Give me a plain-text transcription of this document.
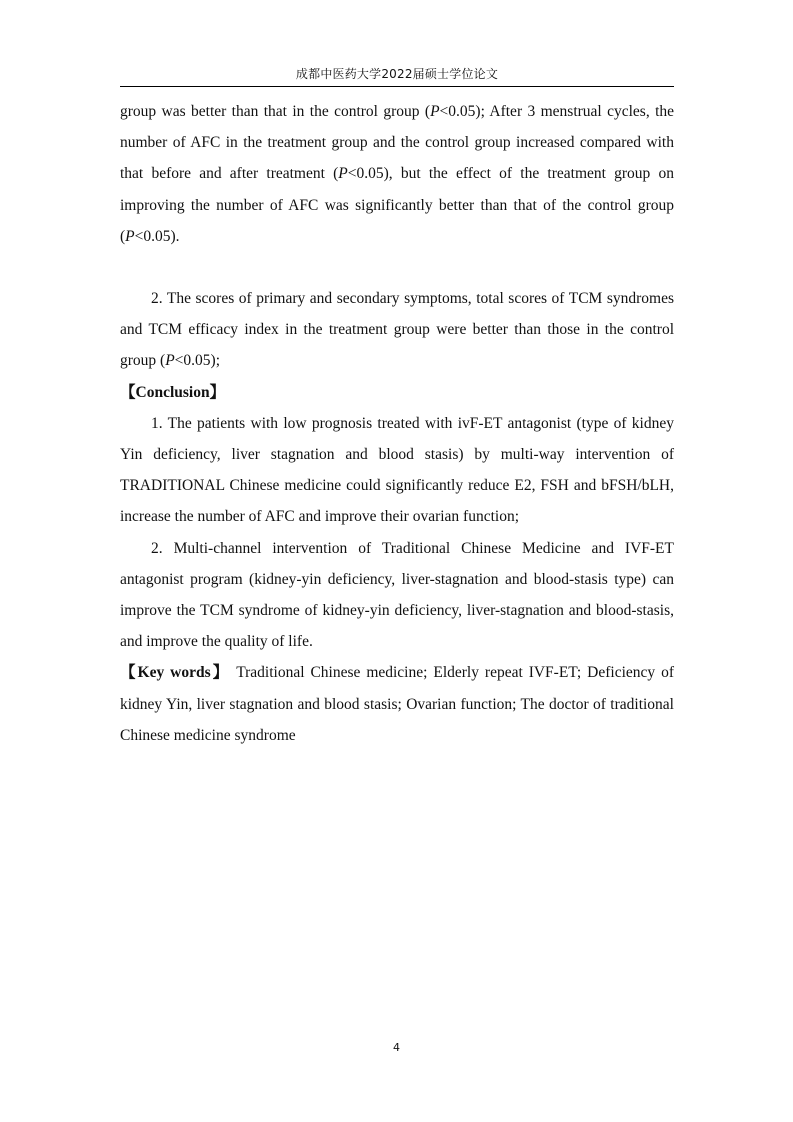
成都中医药大学2022届硕士学位论文

group was better than that in the control group (P<0.05); After 3 menstrual cycles, the number of AFC in the treatment group and the control group increased compared with that before and after treatment (P<0.05), but the effect of the treatment group on improving the number of AFC was significantly better than that of the control group (P<0.05).

2. The scores of primary and secondary symptoms, total scores of TCM syndromes and TCM efficacy index in the treatment group were better than those in the control group (P<0.05);

【Conclusion】

1. The patients with low prognosis treated with ivF-ET antagonist (type of kidney Yin deficiency, liver stagnation and blood stasis) by multi-way intervention of TRADITIONAL Chinese medicine could significantly reduce E2, FSH and bFSH/bLH, increase the number of AFC and improve their ovarian function;

2. Multi-channel intervention of Traditional Chinese Medicine and IVF-ET antagonist program (kidney-yin deficiency, liver-stagnation and blood-stasis type) can improve the TCM syndrome of kidney-yin deficiency, liver-stagnation and blood-stasis, and improve the quality of life.

【Key words】 Traditional Chinese medicine; Elderly repeat IVF-ET; Deficiency of kidney Yin, liver stagnation and blood stasis; Ovarian function; The doctor of traditional Chinese medicine syndrome

4
